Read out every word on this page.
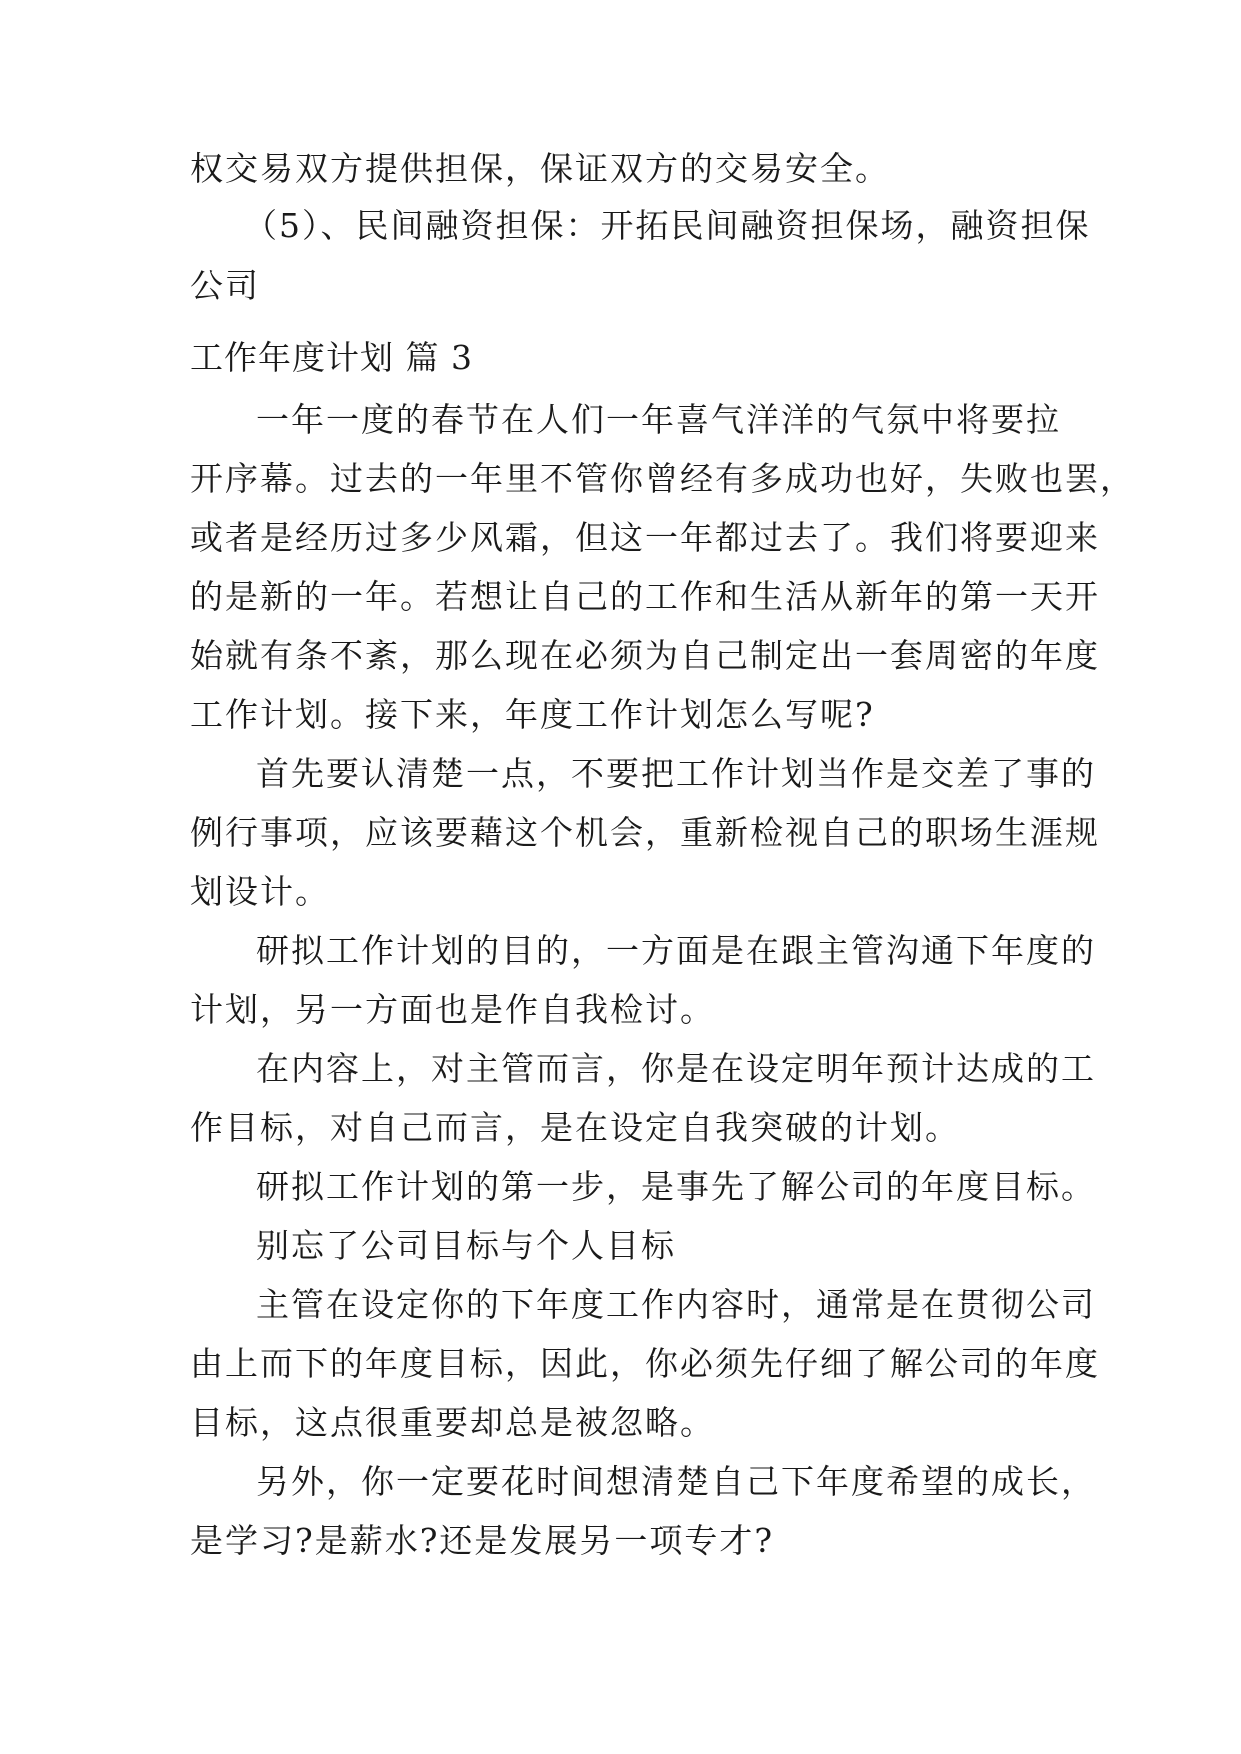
权交易双方提供担保，保证双方的交易安全。
（5）、民间融资担保：开拓民间融资担保场，融资担保
公司
工作年度计划 篇 3
一年一度的春节在人们一年喜气洋洋的气氛中将要拉
开序幕。过去的一年里不管你曾经有多成功也好，失败也罢，
或者是经历过多少风霜，但这一年都过去了。我们将要迎来
的是新的一年。若想让自己的工作和生活从新年的第一天开
始就有条不紊，那么现在必须为自己制定出一套周密的年度
工作计划。接下来，年度工作计划怎么写呢?
首先要认清楚一点，不要把工作计划当作是交差了事的
例行事项，应该要藉这个机会，重新检视自己的职场生涯规
划设计。
研拟工作计划的目的，一方面是在跟主管沟通下年度的
计划，另一方面也是作自我检讨。
在内容上，对主管而言，你是在设定明年预计达成的工
作目标，对自己而言，是在设定自我突破的计划。
研拟工作计划的第一步，是事先了解公司的年度目标。
别忘了公司目标与个人目标
主管在设定你的下年度工作内容时，通常是在贯彻公司
由上而下的年度目标，因此，你必须先仔细了解公司的年度
目标，这点很重要却总是被忽略。
另外，你一定要花时间想清楚自己下年度希望的成长，
是学习?是薪水?还是发展另一项专才?
